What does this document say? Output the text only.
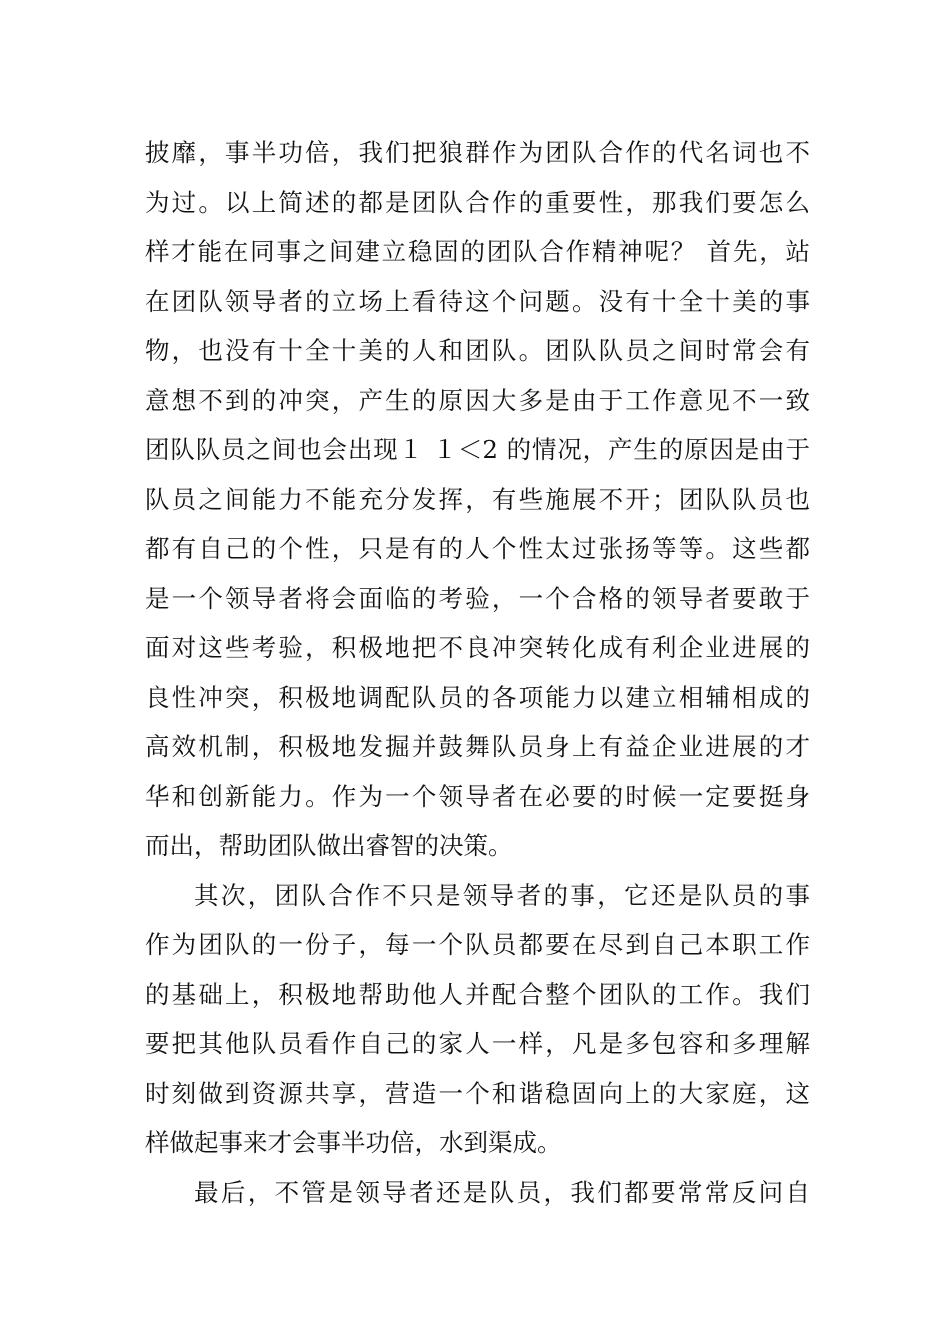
披靡，事半功倍，我们把狼群作为团队合作的代名词也不
为过。以上简述的都是团队合作的重要性，那我们要怎么
样才能在同事之间建立稳固的团队合作精神呢？ 首先，站
在团队领导者的立场上看待这个问题。没有十全十美的事
物，也没有十全十美的人和团队。团队队员之间时常会有
意想不到的冲突，产生的原因大多是由于工作意见不一致
团队队员之间也会出现１ １＜2 的情况，产生的原因是由于
队员之间能力不能充分发挥，有些施展不开；团队队员也
都有自己的个性，只是有的人个性太过张扬等等。这些都
是一个领导者将会面临的考验，一个合格的领导者要敢于
面对这些考验，积极地把不良冲突转化成有利企业进展的
良性冲突，积极地调配队员的各项能力以建立相辅相成的
高效机制，积极地发掘并鼓舞队员身上有益企业进展的才
华和创新能力。作为一个领导者在必要的时候一定要挺身
而出，帮助团队做出睿智的决策。
其次，团队合作不只是领导者的事，它还是队员的事
作为团队的一份子，每一个队员都要在尽到自己本职工作
的基础上，积极地帮助他人并配合整个团队的工作。我们
要把其他队员看作自己的家人一样，凡是多包容和多理解
时刻做到资源共享，营造一个和谐稳固向上的大家庭，这
样做起事来才会事半功倍，水到渠成。
最后，不管是领导者还是队员，我们都要常常反问自
